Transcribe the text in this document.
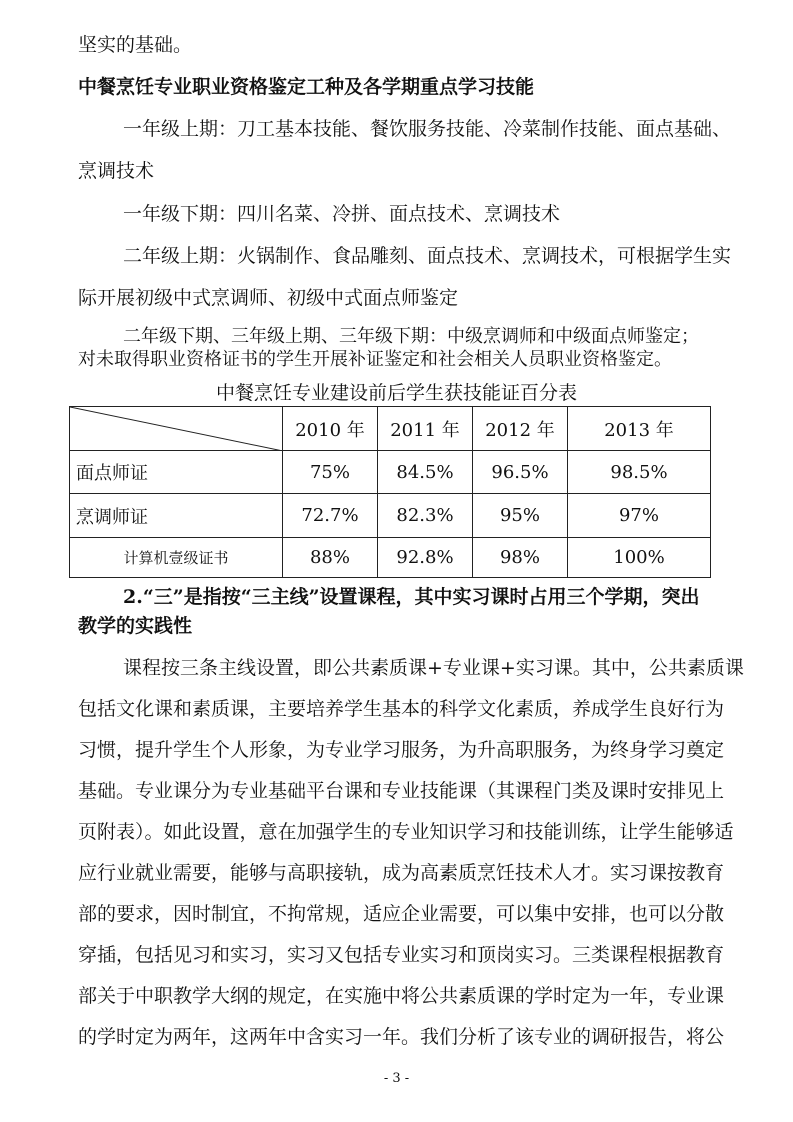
坚实的基础。
中餐烹饪专业职业资格鉴定工种及各学期重点学习技能
一年级上期：刀工基本技能、餐饮服务技能、冷菜制作技能、面点基础、
烹调技术
一年级下期：四川名菜、冷拼、面点技术、烹调技术
二年级上期：火锅制作、食品雕刻、面点技术、烹调技术，可根据学生实
际开展初级中式烹调师、初级中式面点师鉴定
二年级下期、三年级上期、三年级下期：中级烹调师和中级面点师鉴定；
对未取得职业资格证书的学生开展补证鉴定和社会相关人员职业资格鉴定。
中餐烹饪专业建设前后学生获技能证百分表
	2010 年	2011 年	2012 年	2013 年
面点师证	75%	84.5%	96.5%	98.5%
烹调师证	72.7%	82.3%	95%	97%
计算机壹级证书	88%	92.8%	98%	100%
2.“三”是指按“三主线”设置课程，其中实习课时占用三个学期，突出
教学的实践性
课程按三条主线设置，即公共素质课+专业课+实习课。其中，公共素质课
包括文化课和素质课，主要培养学生基本的科学文化素质，养成学生良好行为
习惯，提升学生个人形象，为专业学习服务，为升高职服务，为终身学习奠定
基础。专业课分为专业基础平台课和专业技能课（其课程门类及课时安排见上
页附表）。如此设置，意在加强学生的专业知识学习和技能训练，让学生能够适
应行业就业需要，能够与高职接轨，成为高素质烹饪技术人才。实习课按教育
部的要求，因时制宜，不拘常规，适应企业需要，可以集中安排，也可以分散
穿插，包括见习和实习，实习又包括专业实习和顶岗实习。三类课程根据教育
部关于中职教学大纲的规定，在实施中将公共素质课的学时定为一年，专业课
的学时定为两年，这两年中含实习一年。我们分析了该专业的调研报告，将公
- 3 -
